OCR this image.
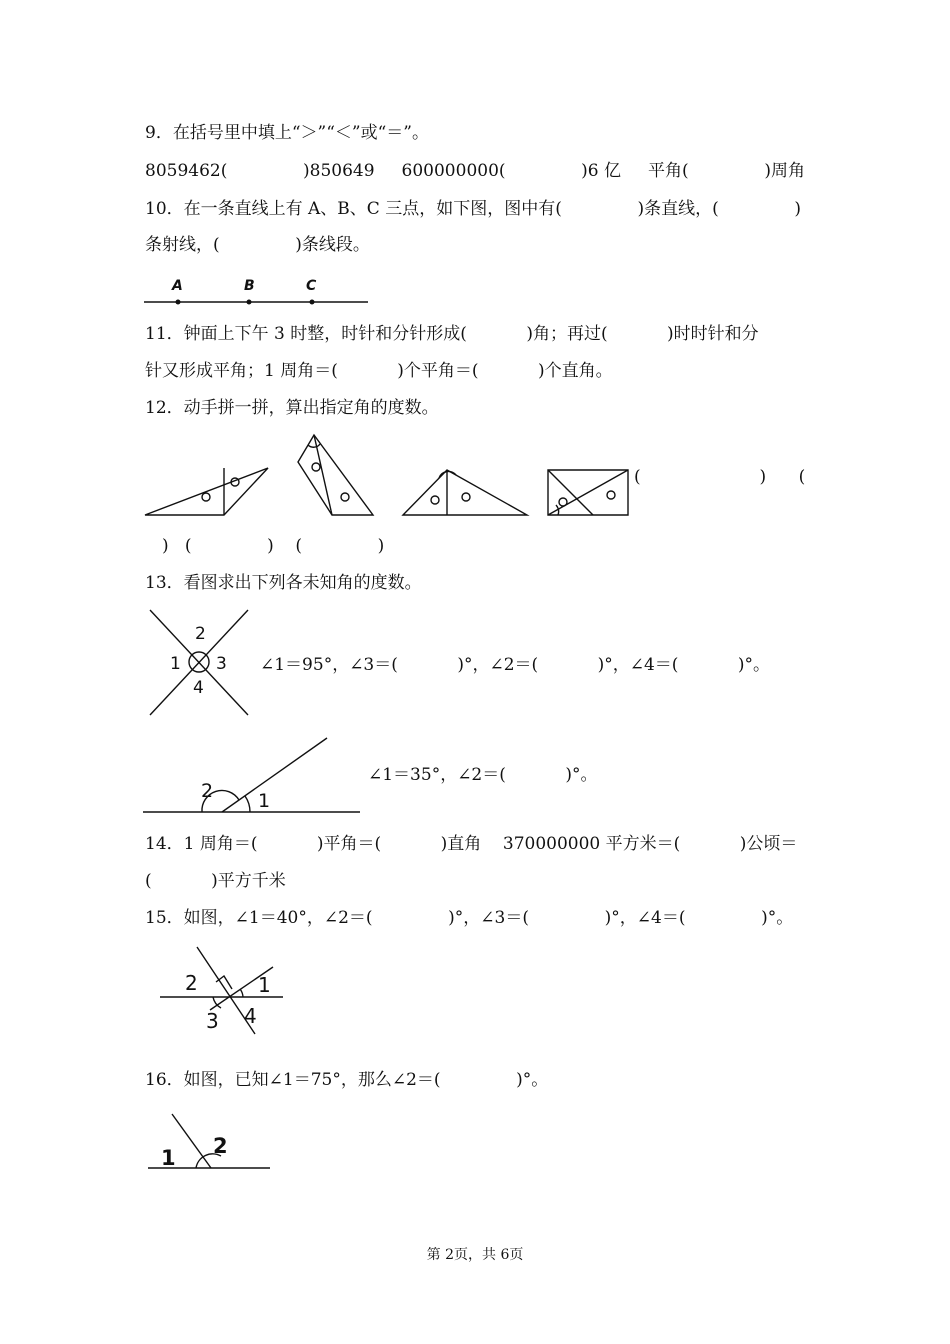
9．在括号里中填上“＞”“＜”或“＝”。
8059462(              )850649     600000000(              )6 亿     平角(              )周角
10．在一条直线上有 A、B、C 三点，如下图，图中有(              )条直线，(              )
条射线，(              )条线段。
A	B	C
11．钟面上下午 3 时整，时针和分针形成(           )角；再过(           )时时针和分
针又形成平角；1 周角＝(           )个平角＝(           )个直角。
12．动手拼一拼，算出指定角的度数。
(                      )      (
)   (              )    (              )
13．看图求出下列各未知角的度数。
1
2
3
4
∠1＝95°，∠3＝(           )°，∠2＝(           )°，∠4＝(           )°。
2 1
∠1＝35°，∠2＝(           )°。
14．1 周角＝(           )平角＝(           )直角    370000000 平方米＝(           )公顷＝
(           )平方千米
15．如图，∠1＝40°，∠2＝(              )°，∠3＝(              )°，∠4＝(              )°。
2	1
3 4
16．如图，已知∠1＝75°，那么∠2＝(              )°。
1 2
第 2页，共 6页
